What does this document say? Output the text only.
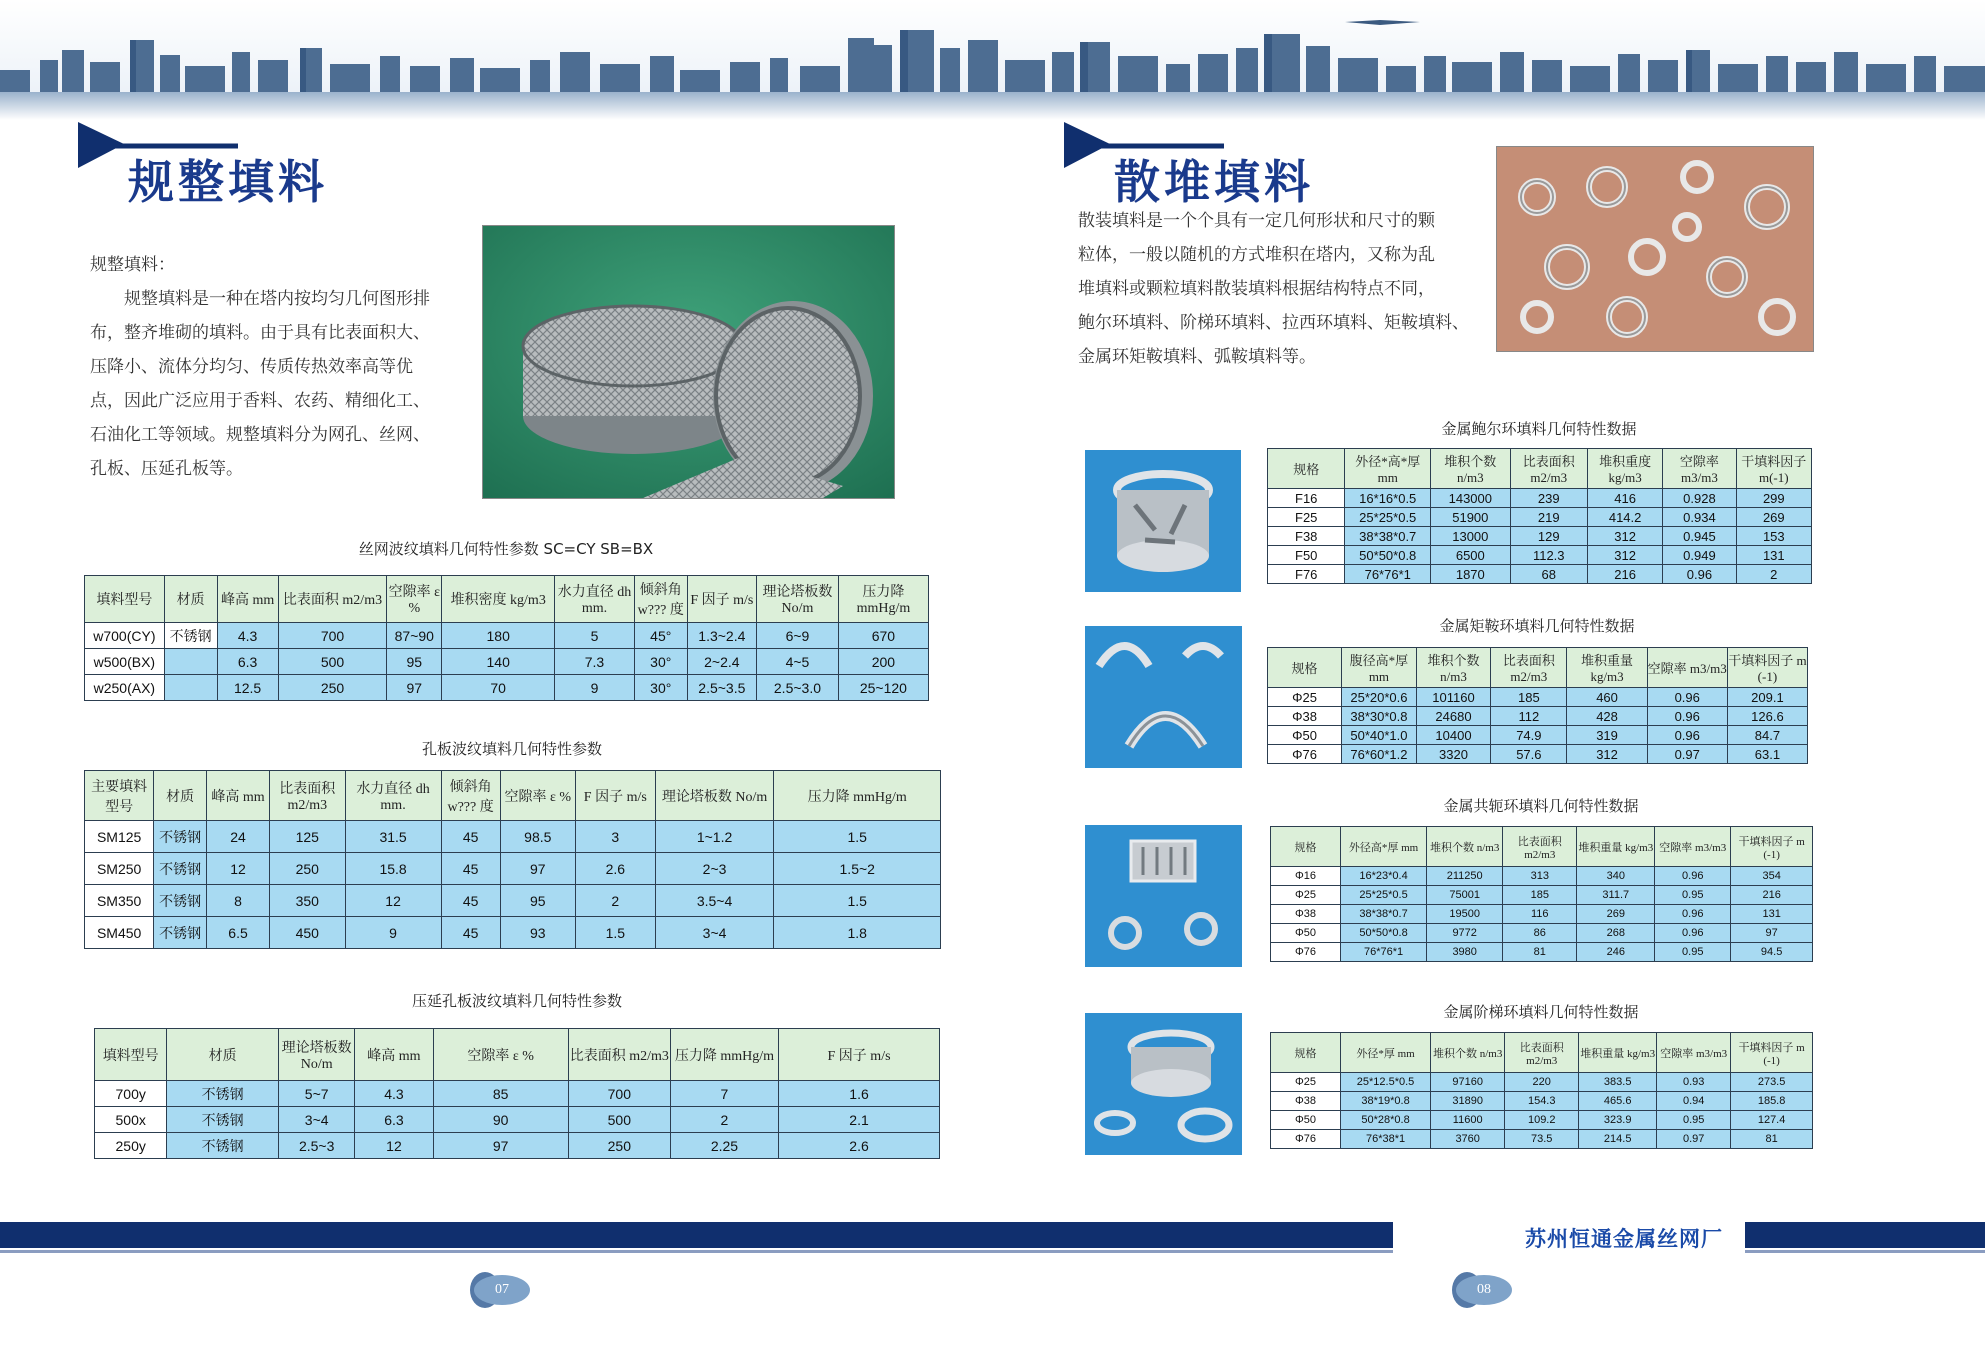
规整填料
规整填料：
规整填料是一种在塔内按均匀几何图形排
布，整齐堆砌的填料。由于具有比表面积大、
压降小、流体分均匀、传质传热效率高等优
点，因此广泛应用于香料、农药、精细化工、
石油化工等领域。规整填料分为网孔、丝网、
孔板、压延孔板等。
丝网波纹填料几何特性参数 SC=CY SB=BX
填料型号	材质	峰高 mm	比表面积 m2/m3	空隙率 ε %	堆积密度 kg/m3	水力直径 dh mm.	倾斜角 w??? 度	F 因子 m/s	理论塔板数 No/m	压力降 mmHg/m
w700(CY)	不锈钢	4.3	700	87~90	180	5	45°	1.3~2.4	6~9	670
w500(BX)		6.3	500	95	140	7.3	30°	2~2.4	4~5	200
w250(AX)		12.5	250	97	70	9	30°	2.5~3.5	2.5~3.0	25~120
孔板波纹填料几何特性参数
主要填料型号	材质	峰高 mm	比表面积 m2/m3	水力直径 dh mm.	倾斜角 w??? 度	空隙率 ε %	F 因子 m/s	理论塔板数 No/m	压力降 mmHg/m
SM125	不锈钢	24	125	31.5	45	98.5	3	1~1.2	1.5
SM250	不锈钢	12	250	15.8	45	97	2.6	2~3	1.5~2
SM350	不锈钢	8	350	12	45	95	2	3.5~4	1.5
SM450	不锈钢	6.5	450	9	45	93	1.5	3~4	1.8
压延孔板波纹填料几何特性参数
填料型号	材质	理论塔板数 No/m	峰高 mm	空隙率 ε %	比表面积 m2/m3	压力降 mmHg/m	F 因子 m/s
700y	不锈钢	5~7	4.3	85	700	7	1.6
500x	不锈钢	3~4	6.3	90	500	2	2.1
250y	不锈钢	2.5~3	12	97	250	2.25	2.6
散堆填料
散装填料是一个个具有一定几何形状和尺寸的颗
粒体，一般以随机的方式堆积在塔内，又称为乱
堆填料或颗粒填料散装填料根据结构特点不同，
鲍尔环填料、阶梯环填料、拉西环填料、矩鞍填料、
金属环矩鞍填料、弧鞍填料等。
金属鲍尔环填料几何特性数据
规格	外径*高*厚 mm	堆积个数 n/m3	比表面积 m2/m3	堆积重度 kg/m3	空隙率 m3/m3	干填料因子 m(-1)
F16	16*16*0.5	143000	239	416	0.928	299
F25	25*25*0.5	51900	219	414.2	0.934	269
F38	38*38*0.7	13000	129	312	0.945	153
F50	50*50*0.8	6500	112.3	312	0.949	131
F76	76*76*1	1870	68	216	0.96	2
金属矩鞍环填料几何特性数据
规格	腹径高*厚 mm	堆积个数 n/m3	比表面积 m2/m3	堆积重量 kg/m3	空隙率 m3/m3	干填料因子 m (-1)
Φ25	25*20*0.6	101160	185	460	0.96	209.1
Φ38	38*30*0.8	24680	112	428	0.96	126.6
Φ50	50*40*1.0	10400	74.9	319	0.96	84.7
Φ76	76*60*1.2	3320	57.6	312	0.97	63.1
金属共轭环填料几何特性数据
规格	外径高*厚 mm	堆积个数 n/m3	比表面积 m2/m3	堆积重量 kg/m3	空隙率 m3/m3	干填料因子 m (-1)
Φ16	16*23*0.4	211250	313	340	0.96	354
Φ25	25*25*0.5	75001	185	311.7	0.95	216
Φ38	38*38*0.7	19500	116	269	0.96	131
Φ50	50*50*0.8	9772	86	268	0.96	97
Φ76	76*76*1	3980	81	246	0.95	94.5
金属阶梯环填料几何特性数据
规格	外径*厚 mm	堆积个数 n/m3	比表面积 m2/m3	堆积重量 kg/m3	空隙率 m3/m3	干填料因子 m (-1)
Φ25	25*12.5*0.5	97160	220	383.5	0.93	273.5
Φ38	38*19*0.8	31890	154.3	465.6	0.94	185.8
Φ50	50*28*0.8	11600	109.2	323.9	0.95	127.4
Φ76	76*38*1	3760	73.5	214.5	0.97	81
苏州恒通金属丝网厂
07	08
